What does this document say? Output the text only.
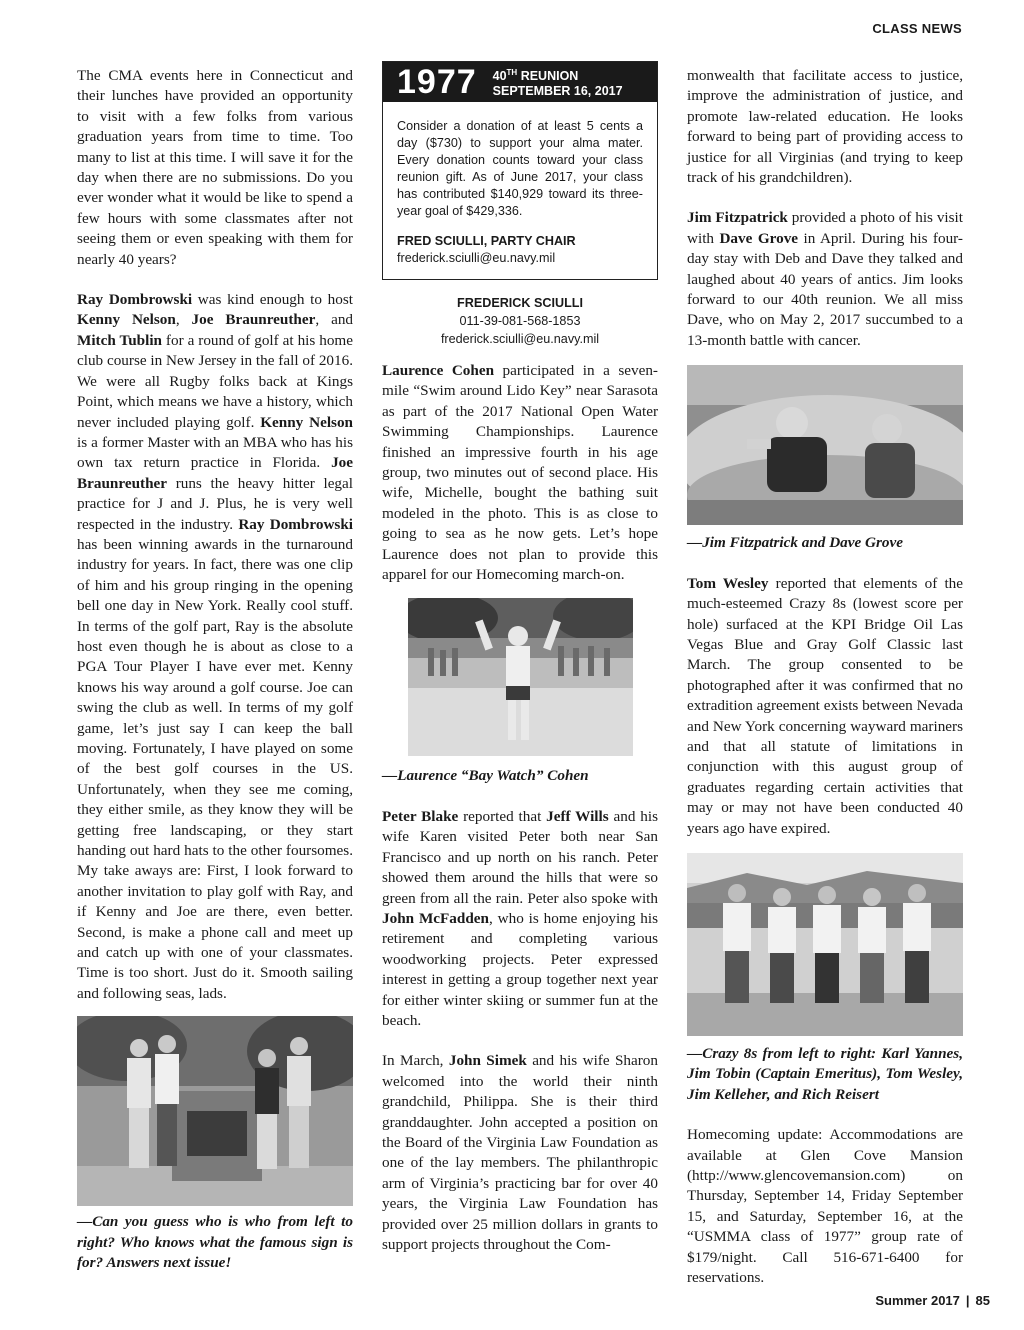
CLASS NEWS

The CMA events here in Connecticut and their lunches have provided an opportunity to visit with a few folks from various graduation years from time to time. Too many to list at this time. I will save it for the day when there are no submissions. Do you ever wonder what it would be like to spend a few hours with some classmates after not seeing them or even speaking with them for nearly 40 years?

Ray Dombrowski was kind enough to host Kenny Nelson, Joe Braunreuther, and Mitch Tublin for a round of golf at his home club course in New Jersey in the fall of 2016. We were all Rugby folks back at Kings Point, which means we have a history, which never included playing golf. Kenny Nelson is a former Master with an MBA who has his own tax return practice in Florida. Joe Braunreuther runs the heavy hitter legal practice for J and J. Plus, he is very well respected in the industry. Ray Dombrowski has been winning awards in the turnaround industry for years. In fact, there was one clip of him and his group ringing in the opening bell one day in New York. Really cool stuff. In terms of the golf part, Ray is the absolute host even though he is about as close to a PGA Tour Player I have ever met. Kenny knows his way around a golf course. Joe can swing the club as well. In terms of my golf game, let’s just say I can keep the ball moving. Fortunately, I have played on some of the best golf courses in the US. Unfortunately, when they see me coming, they either smile, as they know they will be getting free landscaping, or they start handing out hard hats to the other foursomes. My take aways are: First, I look forward to another invitation to play golf with Ray, and if Kenny and Joe are there, even better. Second, is make a phone call and meet up and catch up with one of your classmates. Time is too short. Just do it. Smooth sailing and following seas, lads.

—Can you guess who is who from left to right? Who knows what the famous sign is for? Answers next issue!

1977 40TH REUNION
SEPTEMBER 16, 2017

Consider a donation of at least 5 cents a day ($730) to support your alma mater. Every donation counts toward your class reunion gift. As of June 2017, your class has contributed $140,929 toward its three-year goal of $429,336.

FRED SCIULLI, PARTY CHAIR

frederick.sciulli@eu.navy.mil

FREDERICK SCIULLI
011-39-081-568-1853
frederick.sciulli@eu.navy.mil

Laurence Cohen participated in a seven-mile “Swim around Lido Key” near Sarasota as part of the 2017 National Open Water Swimming Championships. Laurence finished an impressive fourth in his age group, two minutes out of second place. His wife, Michelle, bought the bathing suit modeled in the photo. This is as close to going to sea as he now gets. Let’s hope Laurence does not plan to provide this apparel for our Homecoming march-on.

—Laurence “Bay Watch” Cohen

Peter Blake reported that Jeff Wills and his wife Karen visited Peter both near San Francisco and up north on his ranch. Peter showed them around the hills that were so green from all the rain. Peter also spoke with John McFadden, who is home enjoying his retirement and completing various woodworking projects. Peter expressed interest in getting a group together next year for either winter skiing or summer fun at the beach.

In March, John Simek and his wife Sharon welcomed into the world their ninth grandchild, Philippa. She is their third granddaughter. John accepted a position on the Board of the Virginia Law Foundation as one of the lay members. The philanthropic arm of Virginia’s practicing bar for over 40 years, the Virginia Law Foundation has provided over 25 million dollars in grants to support projects throughout the Com-

monwealth that facilitate access to justice, improve the administration of justice, and promote law-related education. He looks forward to being part of providing access to justice for all Virginias (and trying to keep track of his grandchildren).

Jim Fitzpatrick provided a photo of his visit with Dave Grove in April. During his four-day stay with Deb and Dave they talked and laughed about 40 years of antics. Jim looks forward to our 40th reunion. We all miss Dave, who on May 2, 2017 succumbed to a 13-month battle with cancer.

—Jim Fitzpatrick and Dave Grove

Tom Wesley reported that elements of the much-esteemed Crazy 8s (lowest score per hole) surfaced at the KPI Bridge Oil Las Vegas Blue and Gray Golf Classic last March. The group consented to be photographed after it was confirmed that no extradition agreement exists between Nevada and New York concerning wayward mariners and that all statute of limitations in conjunction with this august group of graduates regarding certain activities that may or may not have been conducted 40 years ago have expired.

—Crazy 8s from left to right: Karl Yannes, Jim Tobin (Captain Emeritus), Tom Wesley, Jim Kelleher, and Rich Reisert

Homecoming update: Accommodations are available at Glen Cove Mansion (http://www.glencovemansion.com) on Thursday, September 14, Friday September 15, and Saturday, September 16, at the “USMMA class of 1977” group rate of $179/night. Call 516-671-6400 for reservations.

Summer 2017 | 85
